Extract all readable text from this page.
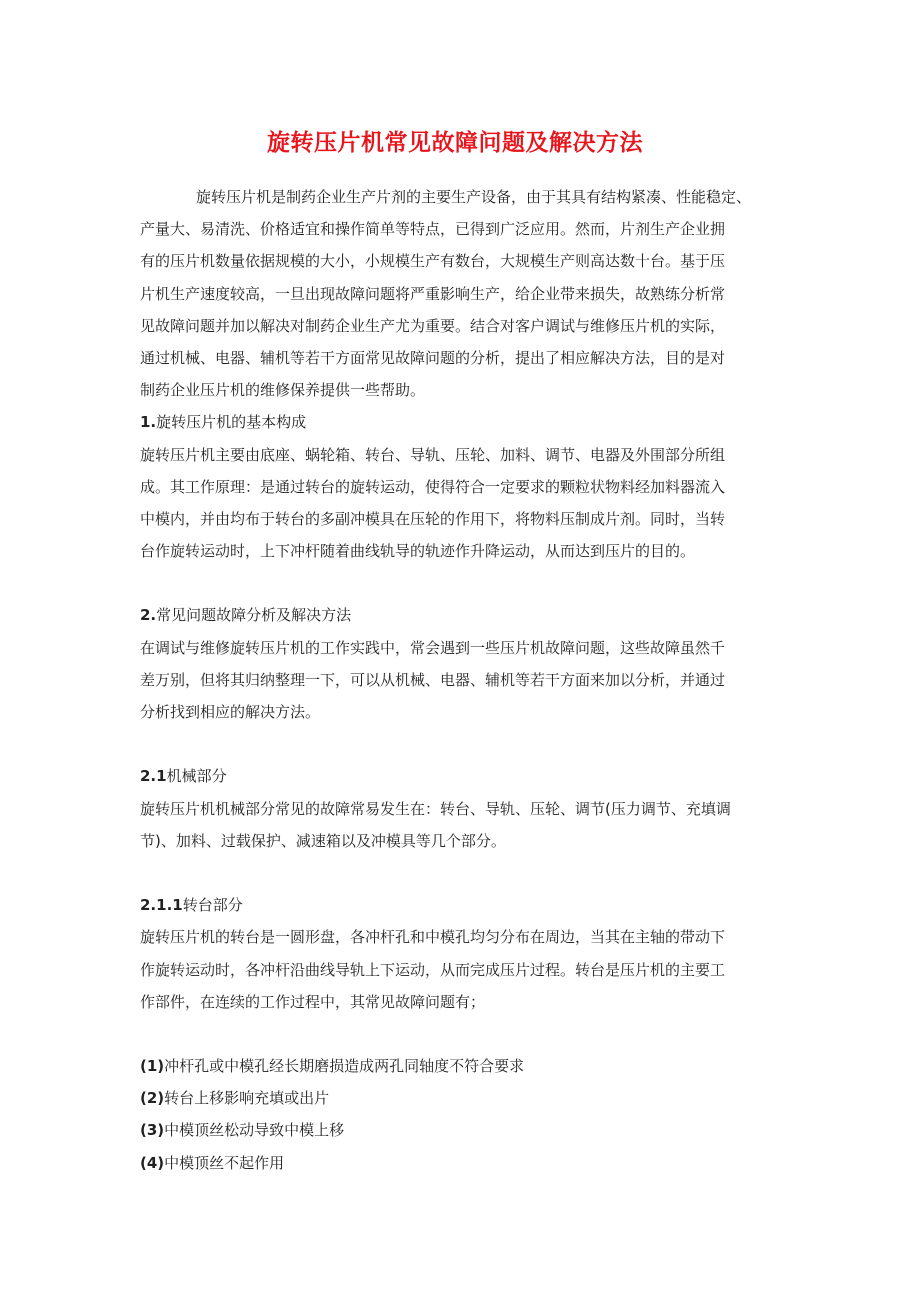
旋转压片机常见故障问题及解决方法
旋转压片机是制药企业生产片剂的主要生产设备，由于其具有结构紧凑、性能稳定、
产量大、易清洗、价格适宜和操作简单等特点，已得到广泛应用。然而，片剂生产企业拥
有的压片机数量依据规模的大小，小规模生产有数台，大规模生产则高达数十台。基于压
片机生产速度较高，一旦出现故障问题将严重影响生产，给企业带来损失，故熟练分析常
见故障问题并加以解决对制药企业生产尤为重要。结合对客户调试与维修压片机的实际，
通过机械、电器、辅机等若干方面常见故障问题的分析，提出了相应解决方法，目的是对
制药企业压片机的维修保养提供一些帮助。
1.旋转压片机的基本构成
旋转压片机主要由底座、蜗轮箱、转台、导轨、压轮、加料、调节、电器及外围部分所组
成。其工作原理：是通过转台的旋转运动，使得符合一定要求的颗粒状物料经加料器流入
中模内，并由均布于转台的多副冲模具在压轮的作用下，将物料压制成片剂。同时，当转
台作旋转运动时，上下冲杆随着曲线轨导的轨迹作升降运动，从而达到压片的目的。
2.常见问题故障分析及解决方法
在调试与维修旋转压片机的工作实践中，常会遇到一些压片机故障问题，这些故障虽然千
差万别，但将其归纳整理一下，可以从机械、电器、辅机等若干方面来加以分析，并通过
分析找到相应的解决方法。
2.1机械部分
旋转压片机机械部分常见的故障常易发生在：转台、导轨、压轮、调节(压力调节、充填调
节)、加料、过载保护、减速箱以及冲模具等几个部分。
2.1.1转台部分
旋转压片机的转台是一圆形盘，各冲杆孔和中模孔均匀分布在周边，当其在主轴的带动下
作旋转运动时，各冲杆沿曲线导轨上下运动，从而完成压片过程。转台是压片机的主要工
作部件，在连续的工作过程中，其常见故障问题有；
(1)冲杆孔或中模孔经长期磨损造成两孔同轴度不符合要求
(2)转台上移影响充填或出片
(3)中模顶丝松动导致中模上移
(4)中模顶丝不起作用
